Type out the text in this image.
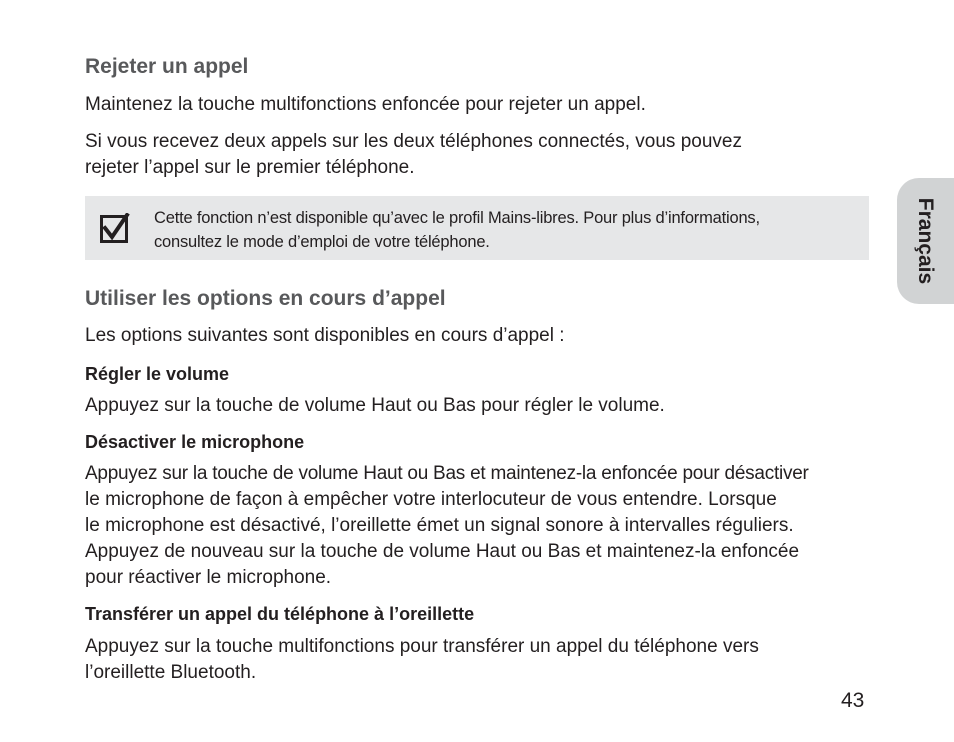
Rejeter un appel
Maintenez la touche multifonctions enfoncée pour rejeter un appel.
Si vous recevez deux appels sur les deux téléphones connectés, vous pouvez
rejeter l’appel sur le premier téléphone.
Utiliser les options en cours d’appel
Les options suivantes sont disponibles en cours d’appel :
Régler le volume
Appuyez sur la touche de volume Haut ou Bas pour régler le volume.
Désactiver le microphone
Appuyez sur la touche de volume Haut ou Bas et maintenez-la enfoncée pour désactiver
le microphone de façon à empêcher votre interlocuteur de vous entendre. Lorsque
le microphone est désactivé, l’oreillette émet un signal sonore à intervalles réguliers.
Appuyez de nouveau sur la touche de volume Haut ou Bas et maintenez-la enfoncée
pour réactiver le microphone.
Transférer un appel du téléphone à l’oreillette
Appuyez sur la touche multifonctions pour transférer un appel du téléphone vers
l’oreillette Bluetooth.
Cette fonction n’est disponible qu’avec le profil Mains-libres. Pour plus d’informations,
consultez le mode d’emploi de votre téléphone.	Français
43
